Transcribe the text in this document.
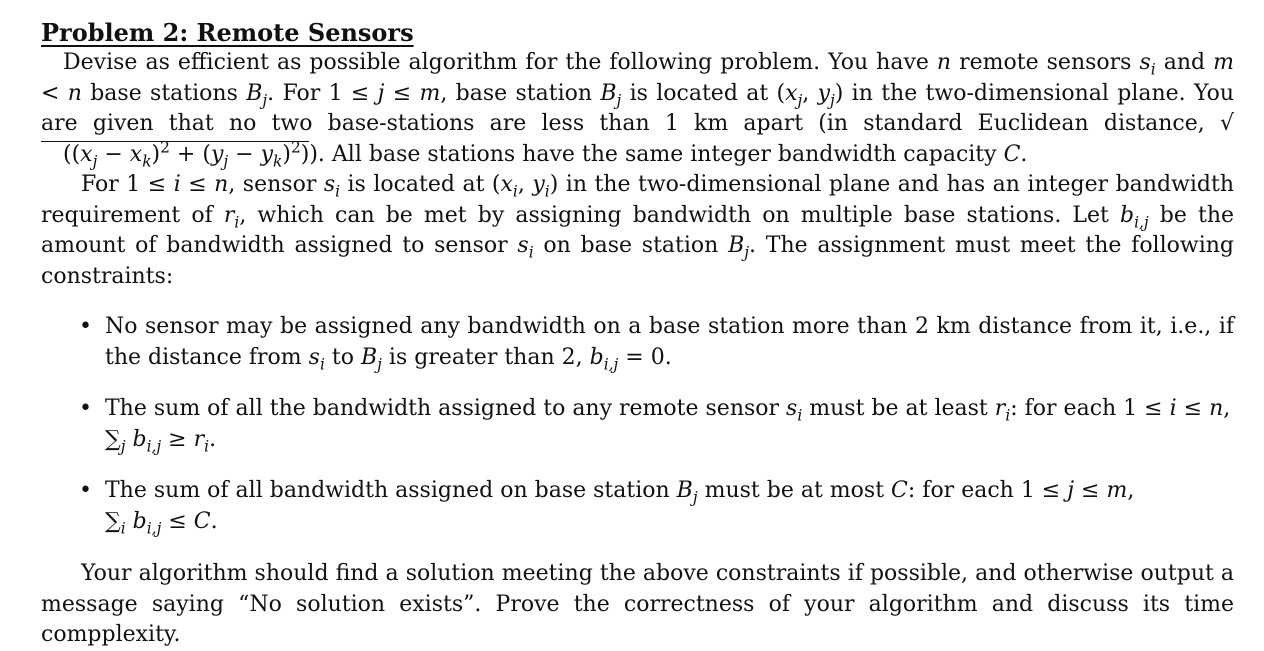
Problem 2: Remote Sensors

Devise as efficient as possible algorithm for the following problem. You have n remote sensors $s_i$ and m < n base stations $B_j$. For 1 ≤ j ≤ m, base station $B_j$ is located at ($x_j$, $y_j$) in the two-dimensional plane. You are given that no two base-stations are less than 1 km apart (in standard Euclidean distance, $√((x_j - x_k)^2 + (y_j - y_k)^2)$). All base stations have the same integer bandwidth capacity C.

For 1 ≤ i ≤ n, sensor $s_i$ is located at ($x_i$, $y_i$) in the two-dimensional plane and has an integer bandwidth requirement of $r_i$, which can be met by assigning bandwidth on multiple base stations. Let $b_{i,j}$ be the amount of bandwidth assigned to sensor $s_i$ on base station $B_j$. The assignment must meet the following constraints:

• No sensor may be assigned any bandwidth on a base station more than 2 km distance from it, i.e., if the distance from $s_i$ to $B_j$ is greater than 2, $b_{i,j} = 0$.
• The sum of all the bandwidth assigned to any remote sensor $s_i$ must be at least $r_i$: for each 1 ≤ i ≤ n,
$\sum_j$ $b_{i,j} \ge r_i$.
• The sum of all bandwidth assigned on base station $B_j$ must be at most C: for each 1 ≤ j ≤ m,
$\sum_i$ $b_{i,j} \le C$.

Your algorithm should find a solution meeting the above constraints if possible, and otherwise output a message saying “No solution exists”. Prove the correctness of your algorithm and discuss its time compplexity.
